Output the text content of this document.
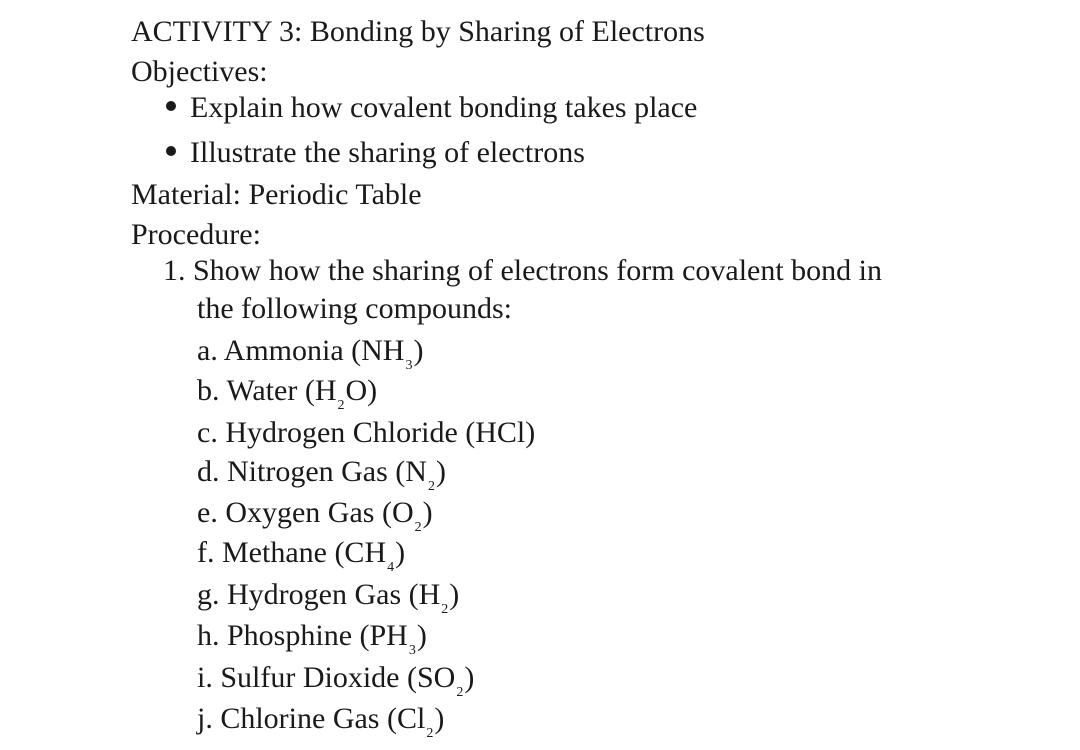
ACTIVITY 3: Bonding by Sharing of Electrons
Objectives:
Explain how covalent bonding takes place
Illustrate the sharing of electrons
Material: Periodic Table
Procedure:
1. Show how the sharing of electrons form covalent bond in
the following compounds:
a. Ammonia $(NH_3)$
b. Water $(H_2O)$
c. Hydrogen Chloride (HCl)
d. Nitrogen Gas $(N_2)$
e. Oxygen Gas $(O_2)$
f. Methane $(CH_4)$
g. Hydrogen Gas $(H_2)$
h. Phosphine $(PH_3)$
i. Sulfur Dioxide $(SO_2)$
j. Chlorine Gas $(Cl_2)$
